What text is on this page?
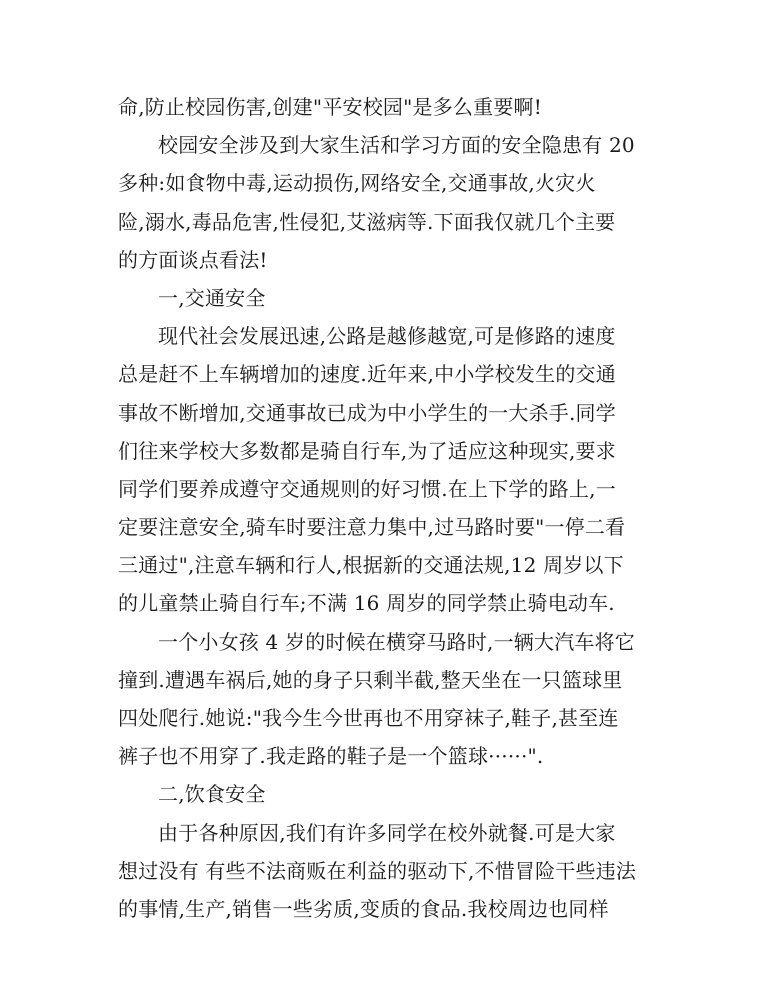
命,防止校园伤害,创建"平安校园"是多么重要啊!
校园安全涉及到大家生活和学习方面的安全隐患有 20
多种:如食物中毒,运动损伤,网络安全,交通事故,火灾火
险,溺水,毒品危害,性侵犯,艾滋病等.下面我仅就几个主要
的方面谈点看法!
一,交通安全
现代社会发展迅速,公路是越修越宽,可是修路的速度
总是赶不上车辆增加的速度.近年来,中小学校发生的交通
事故不断增加,交通事故已成为中小学生的一大杀手.同学
们往来学校大多数都是骑自行车,为了适应这种现实,要求
同学们要养成遵守交通规则的好习惯.在上下学的路上,一
定要注意安全,骑车时要注意力集中,过马路时要"一停二看
三通过",注意车辆和行人,根据新的交通法规,12 周岁以下
的儿童禁止骑自行车;不满 16 周岁的同学禁止骑电动车.
一个小女孩 4 岁的时候在横穿马路时,一辆大汽车将它
撞到.遭遇车祸后,她的身子只剩半截,整天坐在一只篮球里
四处爬行.她说:"我今生今世再也不用穿袜子,鞋子,甚至连
裤子也不用穿了.我走路的鞋子是一个篮球······".
二,饮食安全
由于各种原因,我们有许多同学在校外就餐.可是大家
想过没有 有些不法商贩在利益的驱动下,不惜冒险干些违法
的事情,生产,销售一些劣质,变质的食品.我校周边也同样
